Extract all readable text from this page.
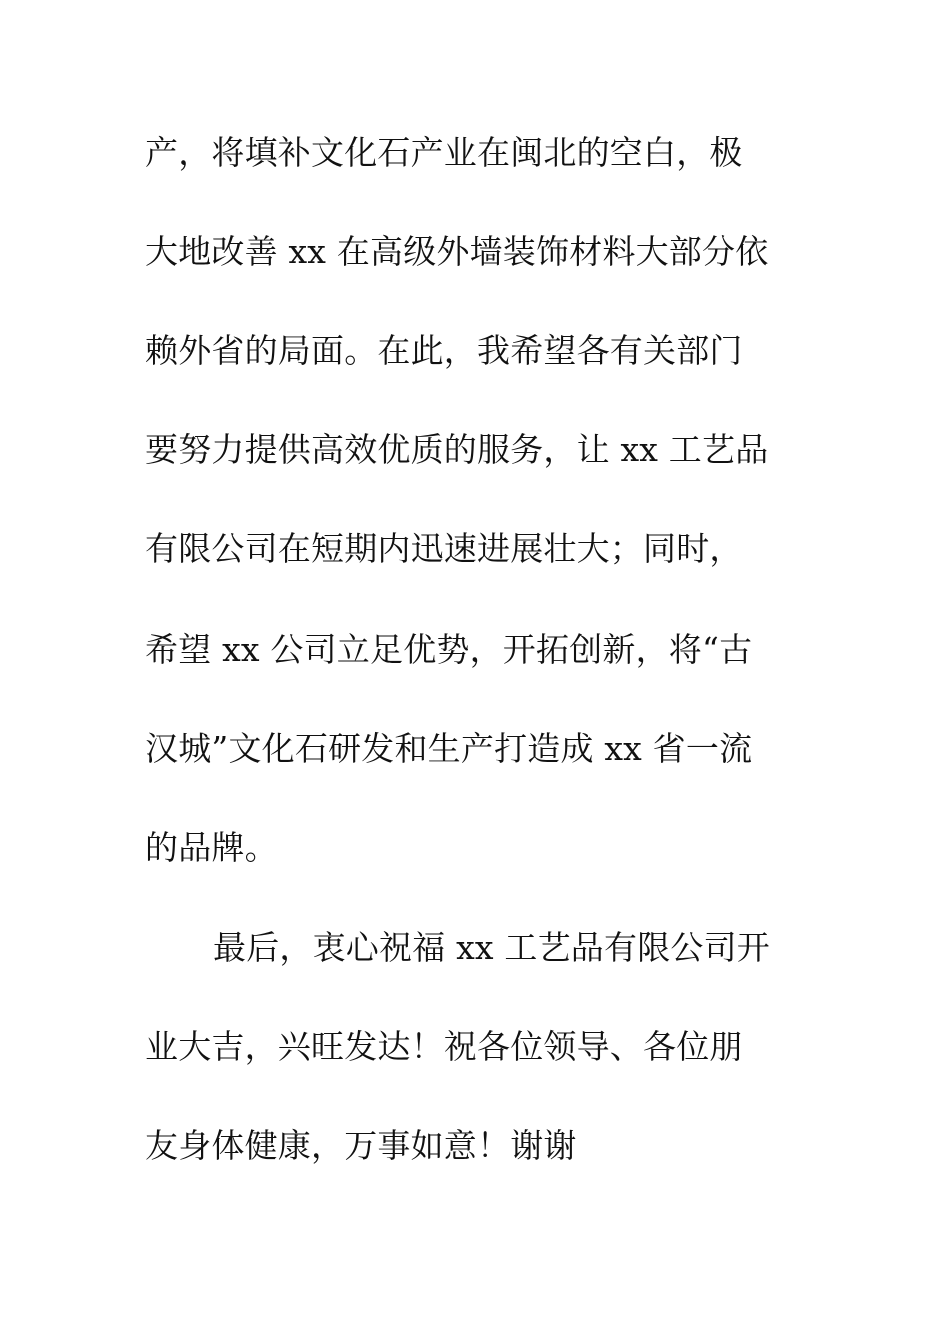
产，将填补文化石产业在闽北的空白，极
大地改善 xx 在高级外墙装饰材料大部分依
赖外省的局面。在此，我希望各有关部门
要努力提供高效优质的服务，让 xx 工艺品
有限公司在短期内迅速进展壮大；同时，
希望 xx 公司立足优势，开拓创新，将“古
汉城”文化石研发和生产打造成 xx 省一流
的品牌。
最后，衷心祝福 xx 工艺品有限公司开
业大吉，兴旺发达！祝各位领导、各位朋
友身体健康，万事如意！谢谢
